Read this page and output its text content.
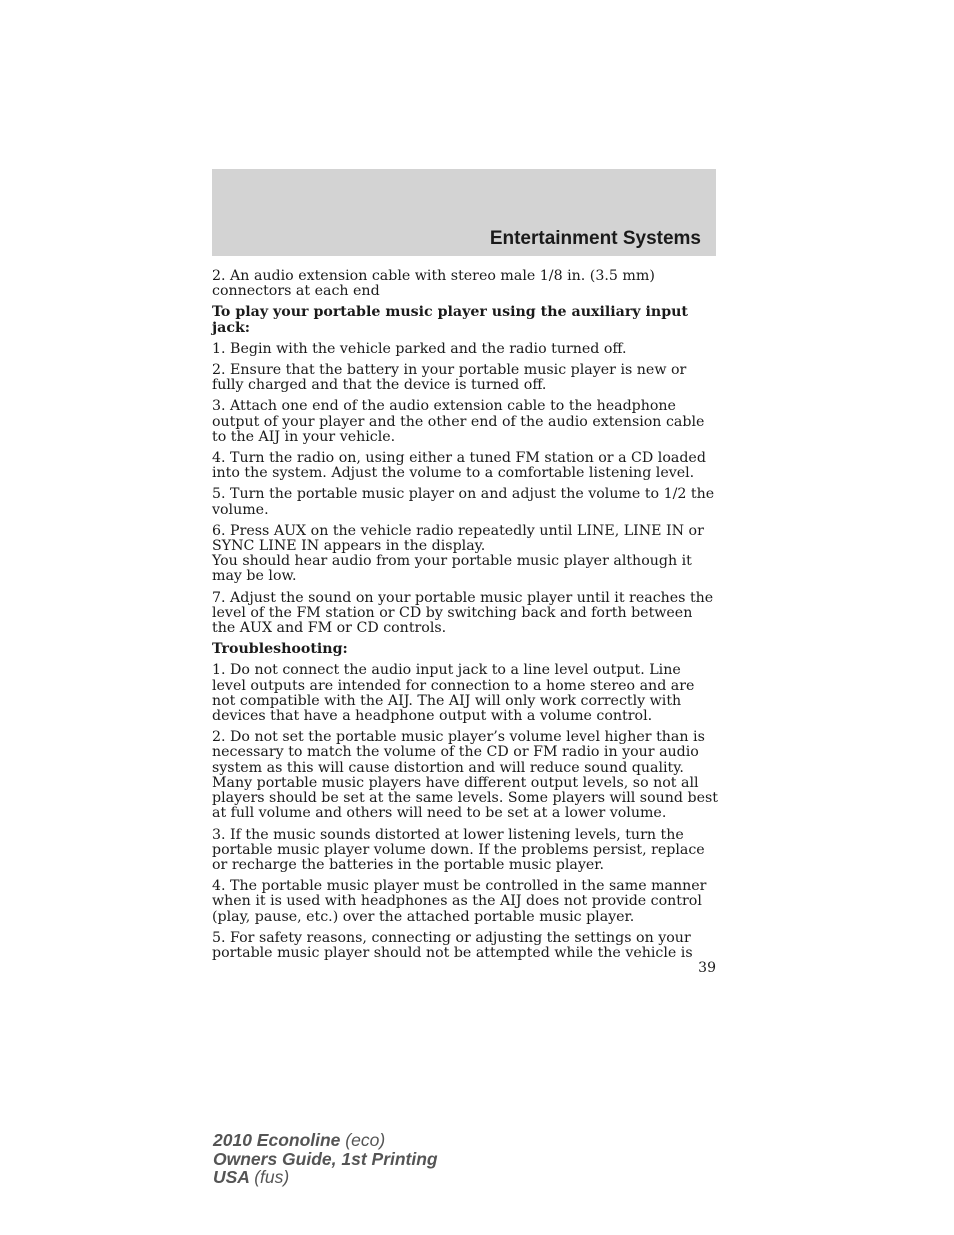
Entertainment Systems

2. An audio extension cable with stereo male 1/8 in. (3.5 mm) connectors at each end

To play your portable music player using the auxiliary input jack:

1. Begin with the vehicle parked and the radio turned off.

2. Ensure that the battery in your portable music player is new or fully charged and that the device is turned off.

3. Attach one end of the audio extension cable to the headphone output of your player and the other end of the audio extension cable to the AIJ in your vehicle.

4. Turn the radio on, using either a tuned FM station or a CD loaded into the system. Adjust the volume to a comfortable listening level.

5. Turn the portable music player on and adjust the volume to 1/2 the volume.

6. Press AUX on the vehicle radio repeatedly until LINE, LINE IN or SYNC LINE IN appears in the display.

You should hear audio from your portable music player although it may be low.

7. Adjust the sound on your portable music player until it reaches the level of the FM station or CD by switching back and forth between the AUX and FM or CD controls.

Troubleshooting:

1. Do not connect the audio input jack to a line level output. Line level outputs are intended for connection to a home stereo and are not compatible with the AIJ. The AIJ will only work correctly with devices that have a headphone output with a volume control.

2. Do not set the portable music player’s volume level higher than is necessary to match the volume of the CD or FM radio in your audio system as this will cause distortion and will reduce sound quality. Many portable music players have different output levels, so not all players should be set at the same levels. Some players will sound best at full volume and others will need to be set at a lower volume.

3. If the music sounds distorted at lower listening levels, turn the portable music player volume down. If the problems persist, replace or recharge the batteries in the portable music player.

4. The portable music player must be controlled in the same manner when it is used with headphones as the AIJ does not provide control (play, pause, etc.) over the attached portable music player.

5. For safety reasons, connecting or adjusting the settings on your portable music player should not be attempted while the vehicle is

39
2010 Econoline (eco)
Owners Guide, 1st Printing
USA (fus)
